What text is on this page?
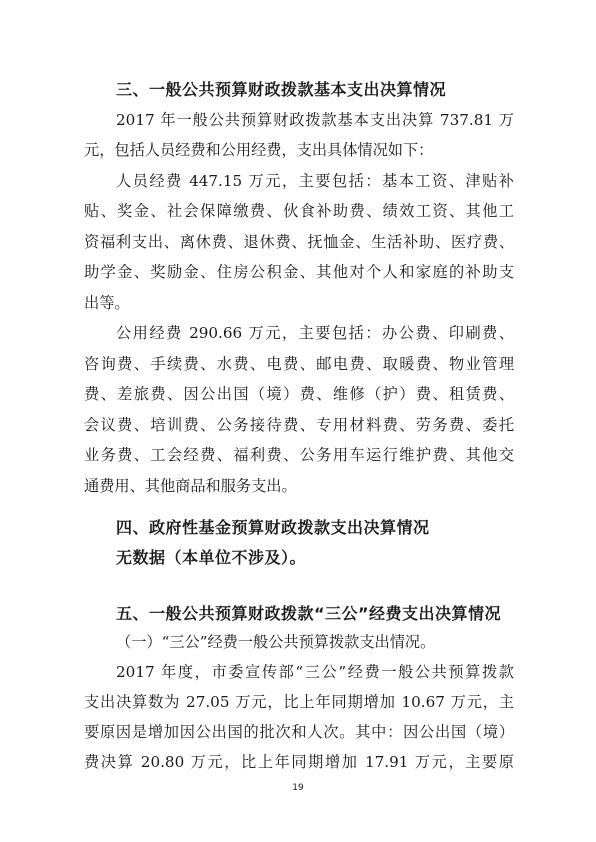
三、一般公共预算财政拨款基本支出决算情况
2017 年一般公共预算财政拨款基本支出决算 737.81 万
元，包括人员经费和公用经费，支出具体情况如下：
人员经费 447.15 万元，主要包括：基本工资、津贴补
贴、奖金、社会保障缴费、伙食补助费、绩效工资、其他工
资福利支出、离休费、退休费、抚恤金、生活补助、医疗费、
助学金、奖励金、住房公积金、其他对个人和家庭的补助支
出等。
公用经费 290.66 万元，主要包括：办公费、印刷费、
咨询费、手续费、水费、电费、邮电费、取暖费、物业管理
费、差旅费、因公出国（境）费、维修（护）费、租赁费、
会议费、培训费、公务接待费、专用材料费、劳务费、委托
业务费、工会经费、福利费、公务用车运行维护费、其他交
通费用、其他商品和服务支出。
四、政府性基金预算财政拨款支出决算情况
无数据（本单位不涉及）。
五、一般公共预算财政拨款“三公”经费支出决算情况
（一）“三公”经费一般公共预算拨款支出情况。
2017 年度，市委宣传部“三公”经费一般公共预算拨款
支出决算数为 27.05 万元，比上年同期增加 10.67 万元，主
要原因是增加因公出国的批次和人次。其中：因公出国（境）
费决算 20.80 万元，比上年同期增加 17.91 万元，主要原
19
